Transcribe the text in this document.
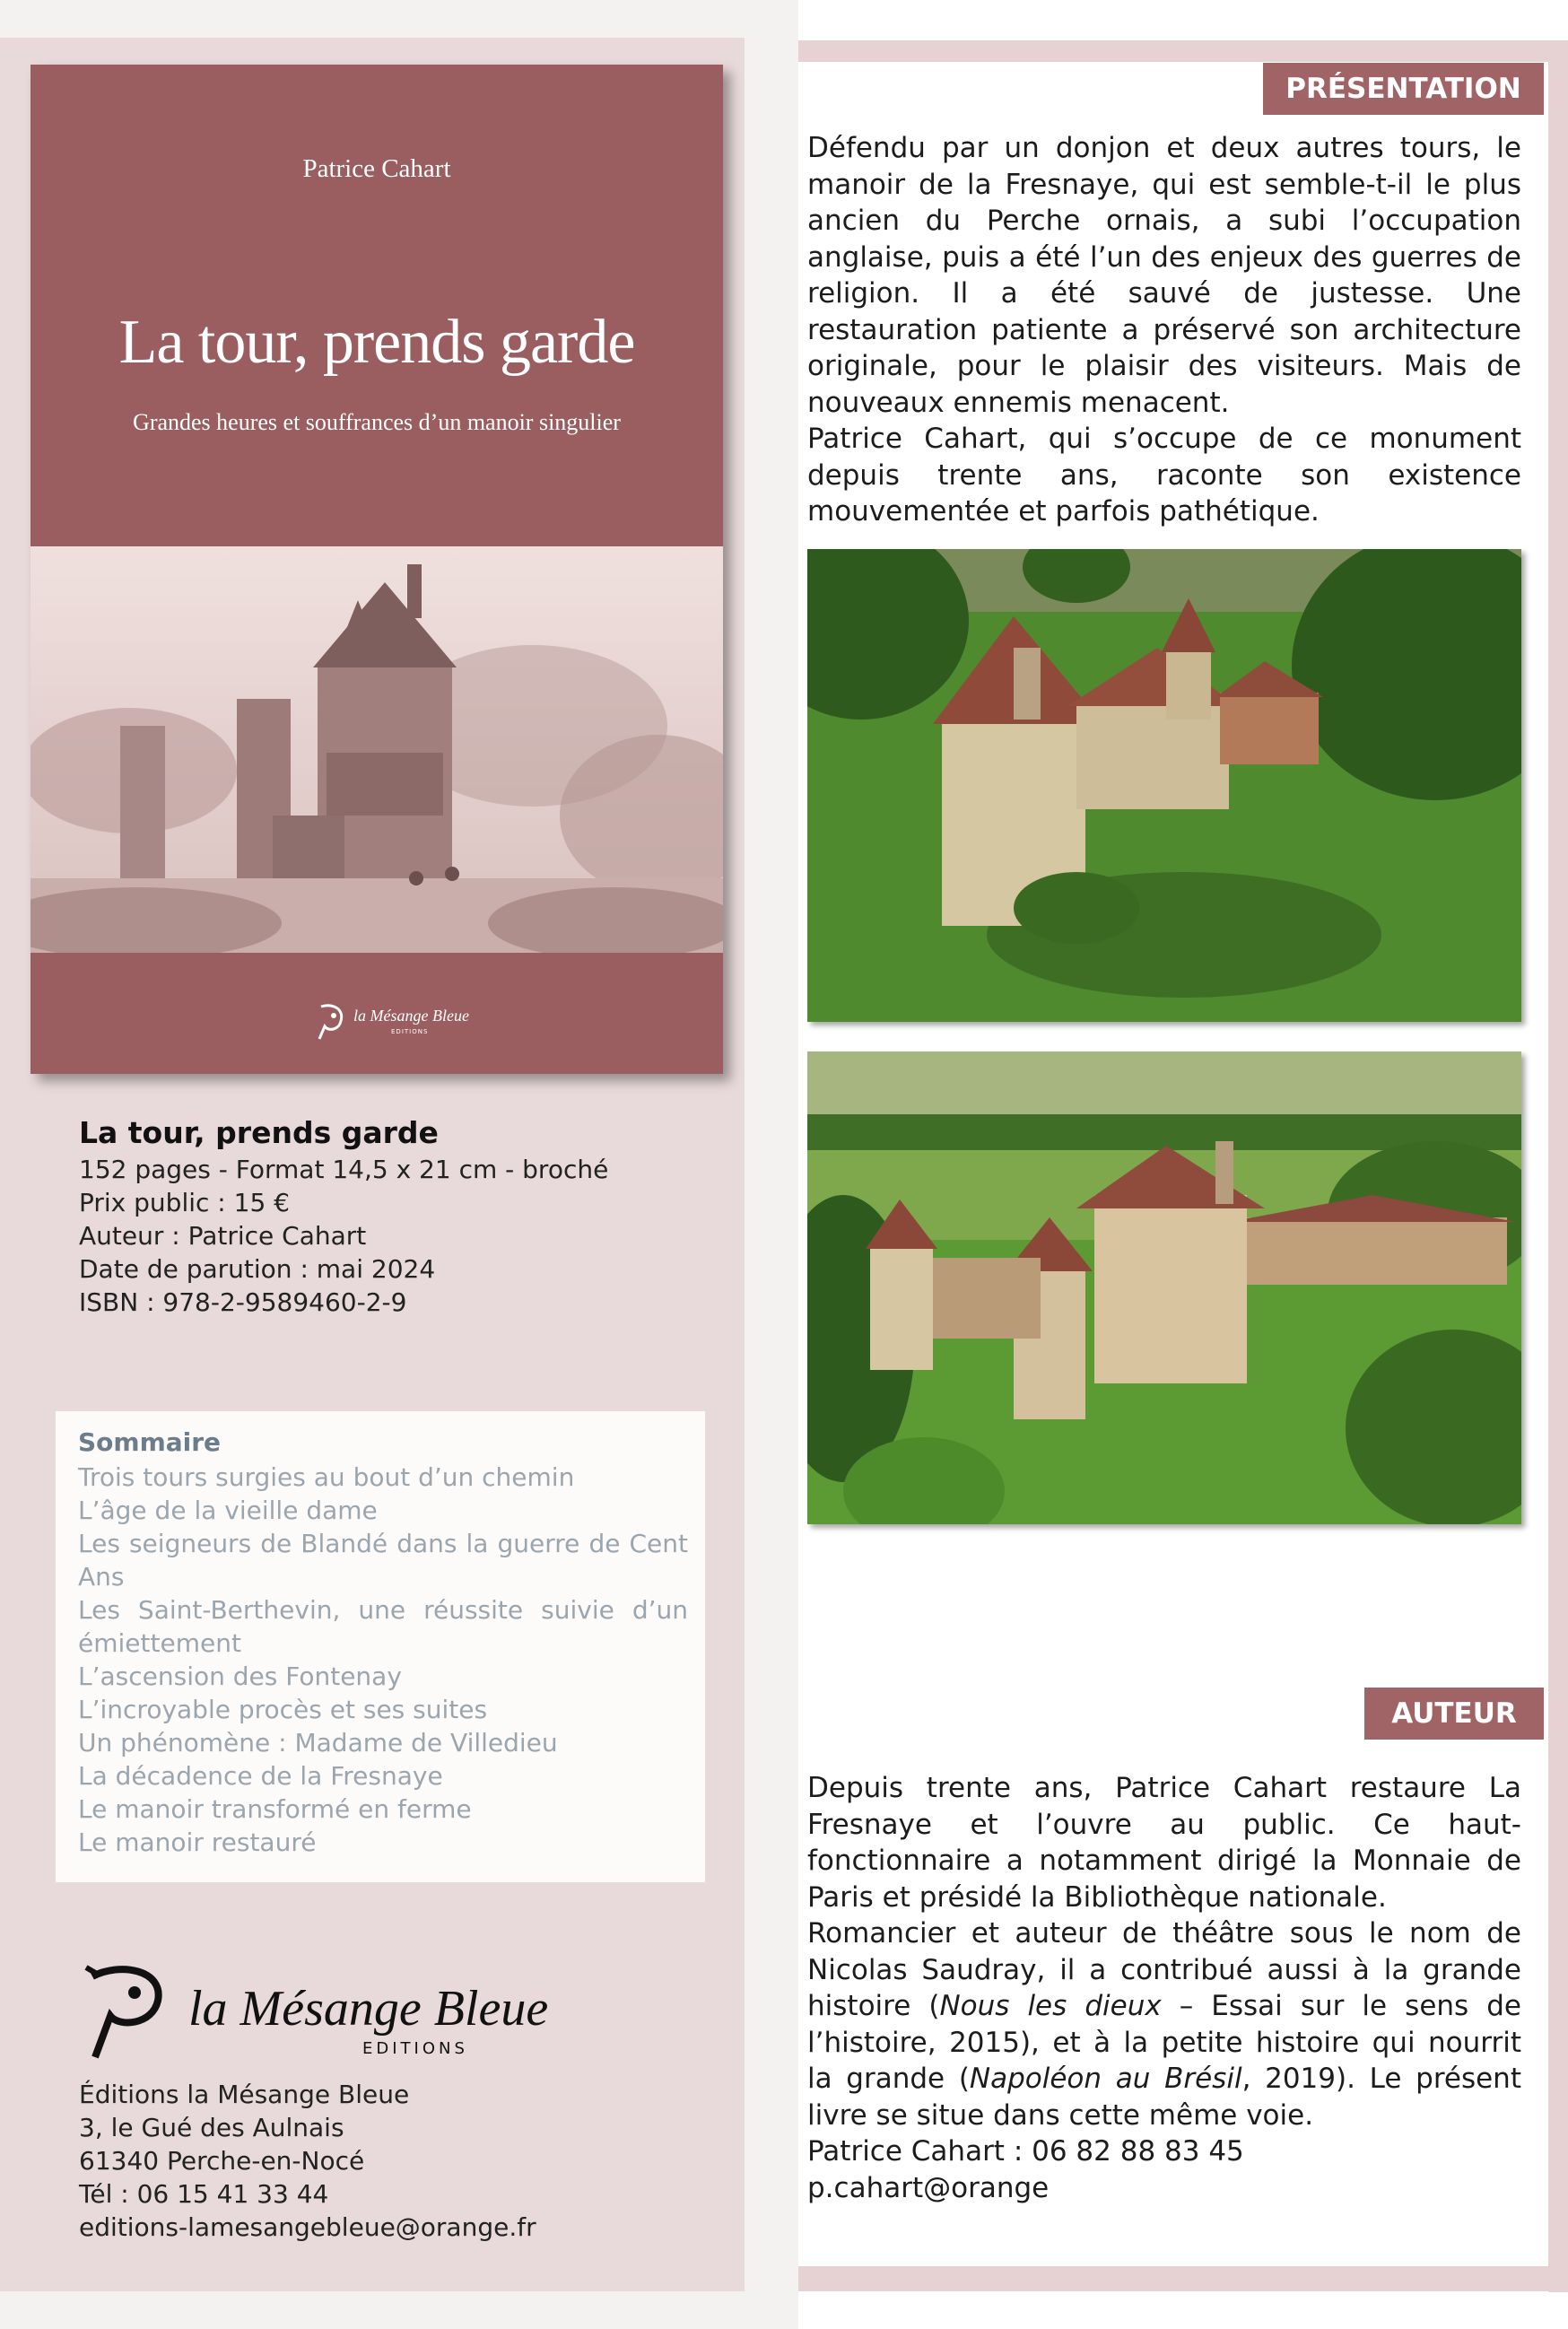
Patrice Cahart
La tour, prends garde
Grandes heures et souffrances d’un manoir singulier
la Mésange Bleue
EDITIONS
La tour, prends garde
152 pages - Format 14,5 x 21 cm - broché
Prix public : 15 €
Auteur : Patrice Cahart
Date de parution : mai 2024
ISBN : 978-2-9589460-2-9
Sommaire
Trois tours surgies au bout d’un chemin
L’âge de la vieille dame
Les seigneurs de Blandé dans la guerre de Cent Ans
Les Saint-Berthevin, une réussite suivie d’un émiettement
L’ascension des Fontenay
L’incroyable procès et ses suites
Un phénomène : Madame de Villedieu
La décadence de la Fresnaye
Le manoir transformé en ferme
Le manoir restauré
la Mésange Bleue
EDITIONS
Éditions la Mésange Bleue
3, le Gué des Aulnais
61340 Perche-en-Nocé
Tél : 06 15 41 33 44
editions-lamesangebleue@orange.fr
PRÉSENTATION

Défendu par un donjon et deux autres tours, le manoir de la Fresnaye, qui est semble-t-il le plus ancien du Perche ornais, a subi l’occupation anglaise, puis a été l’un des enjeux des guerres de religion. Il a été sauvé de justesse. Une restauration patiente a préservé son architecture originale, pour le plaisir des visiteurs. Mais de nouveaux ennemis menacent.

Patrice Cahart, qui s’occupe de ce monument depuis trente ans, raconte son existence mouvementée et parfois pathétique.

AUTEUR

Depuis trente ans, Patrice Cahart restaure La Fresnaye et l’ouvre au public. Ce haut-fonctionnaire a notamment dirigé la Monnaie de Paris et présidé la Bibliothèque nationale.

Romancier et auteur de théâtre sous le nom de Nicolas Saudray, il a contribué aussi à la grande histoire (Nous les dieux – Essai sur le sens de l’histoire, 2015), et à la petite histoire qui nourrit la grande (Napoléon au Brésil, 2019). Le présent livre se situe dans cette même voie.

Patrice Cahart : 06 82 88 83 45

p.cahart@orange
